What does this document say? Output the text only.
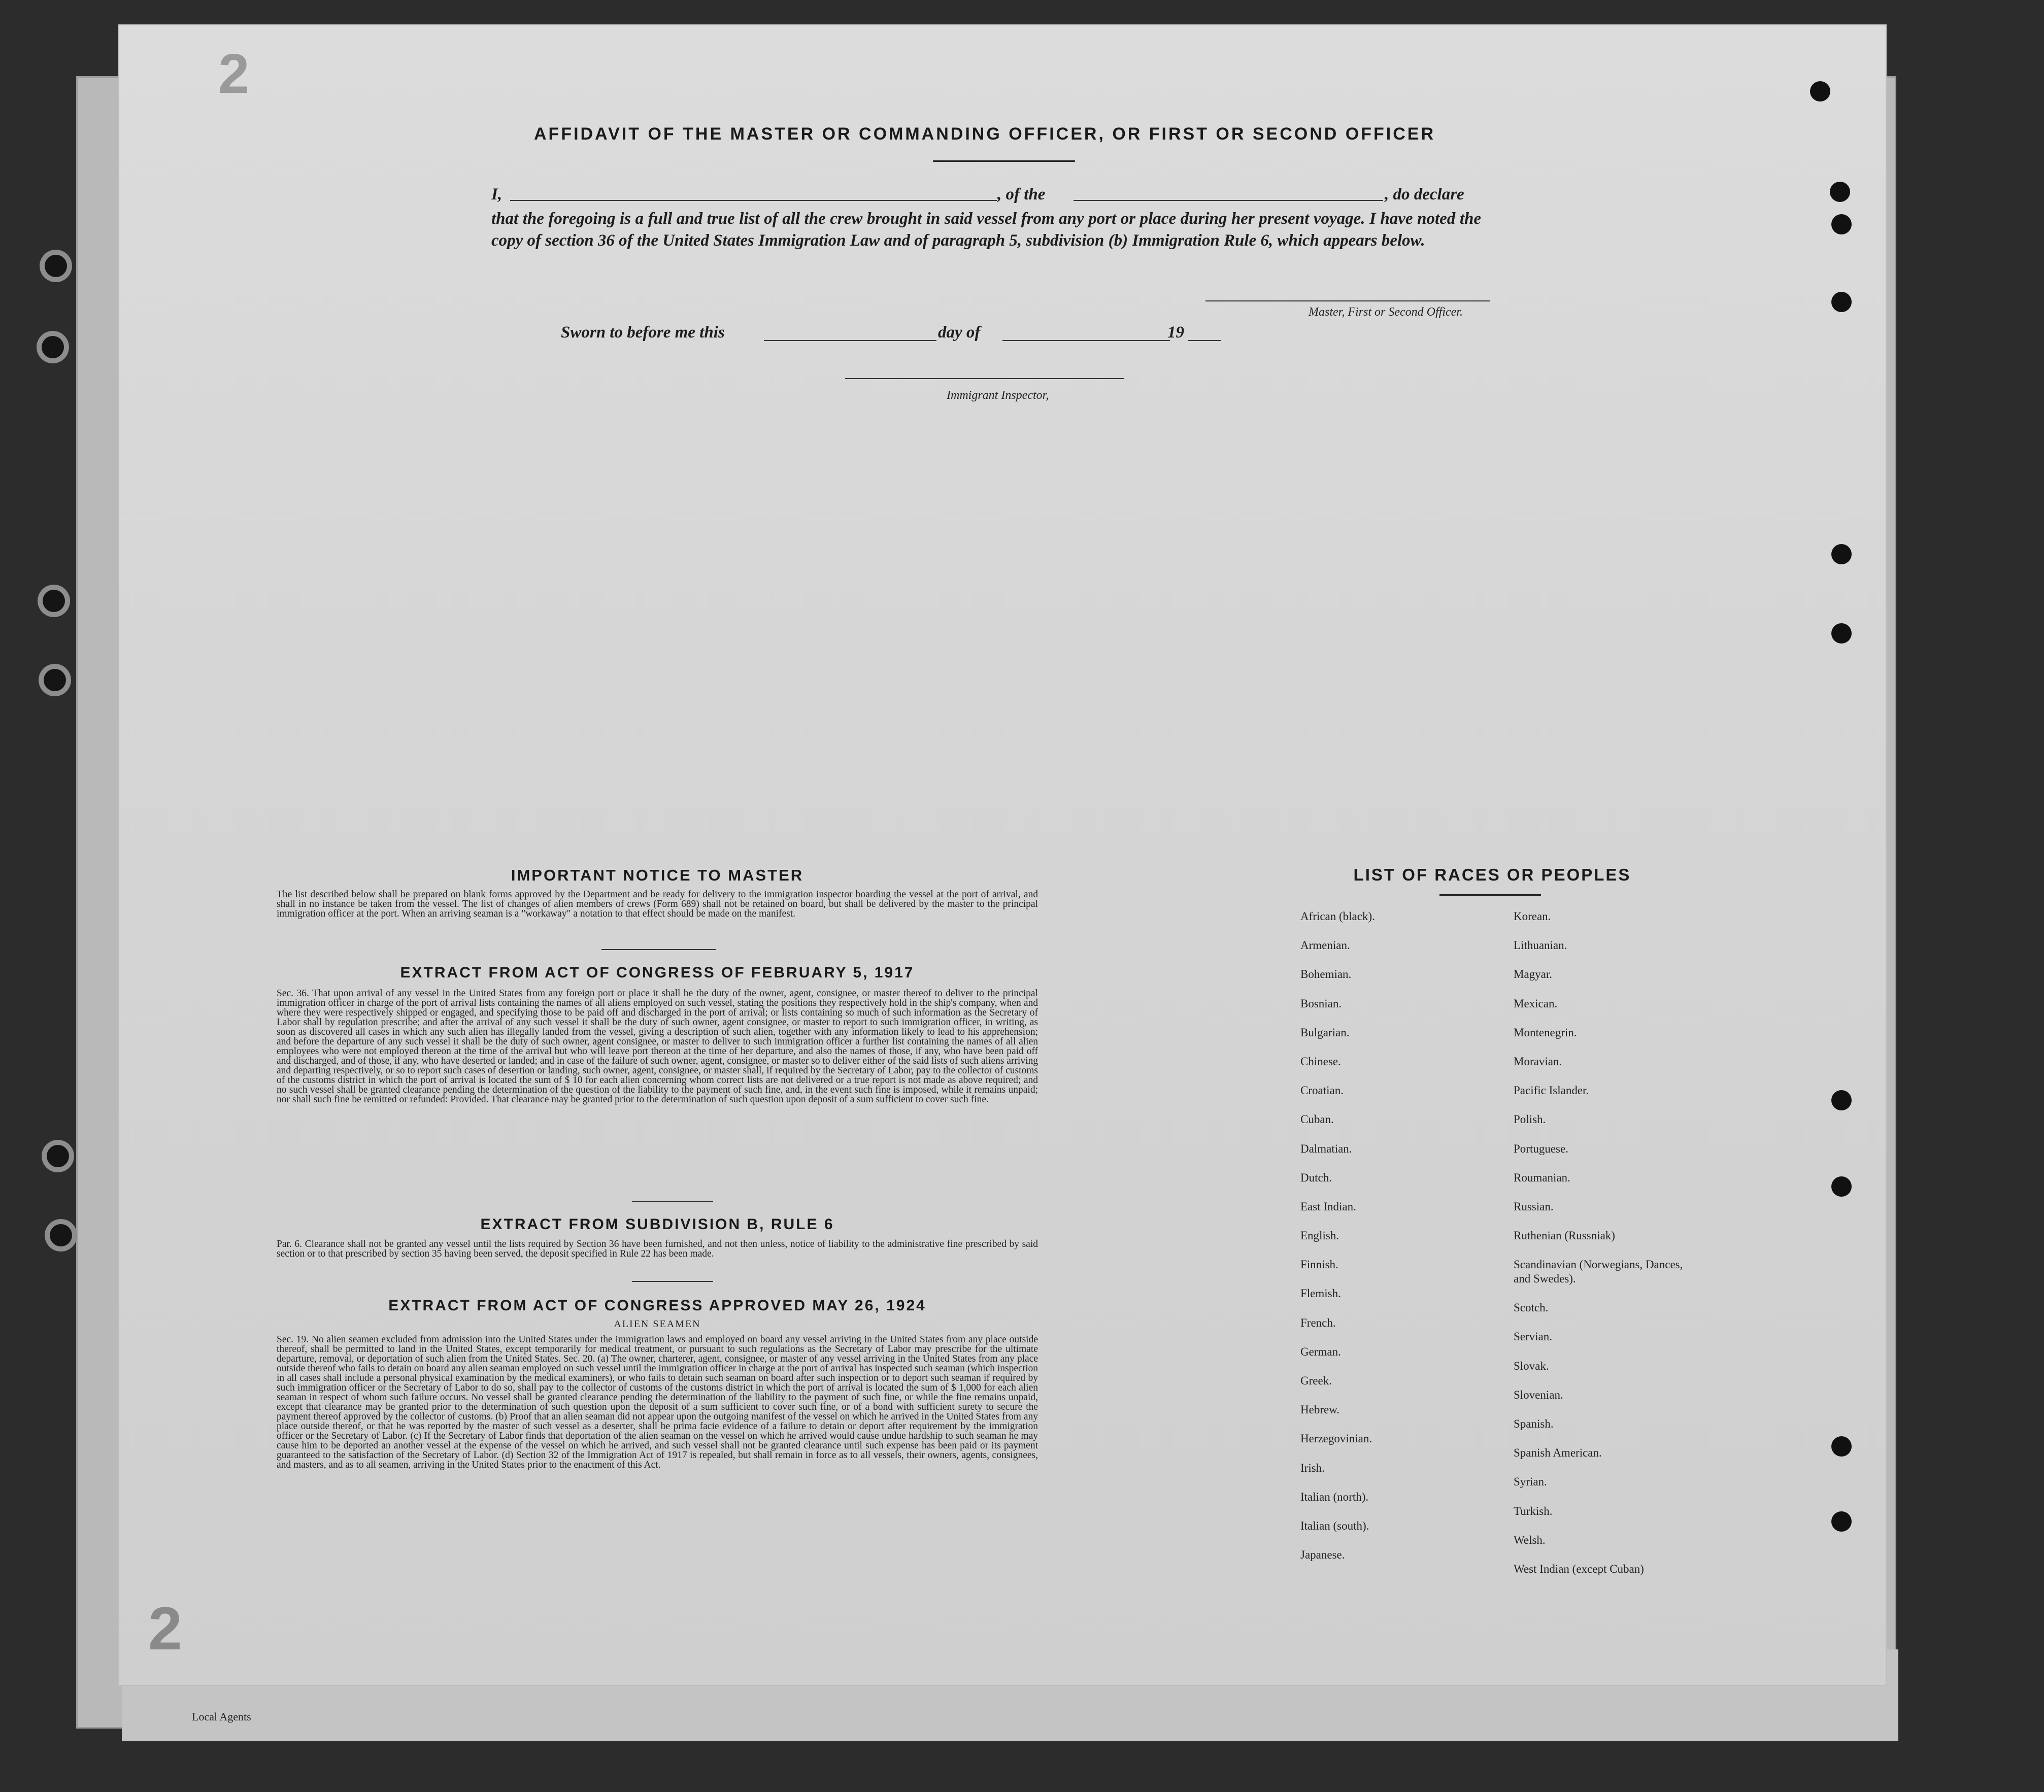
AFFIDAVIT OF THE MASTER OR COMMANDING OFFICER, OR FIRST OR SECOND OFFICER
I,	, of the	, do declare
that the foregoing is a full and true list of all the crew brought in said vessel from any port or place during her present voyage. I have noted the copy of section 36 of the United States Immigration Law and of paragraph 5, subdivision (b) Immigration Rule 6, which appears below.
Master, First or Second Officer.
Sworn to before me this	day of	19
Immigrant Inspector,
IMPORTANT NOTICE TO MASTER
The list described below shall be prepared on blank forms approved by the Department and be ready for delivery to the immigration inspector boarding the vessel at the port of arrival, and shall in no instance be taken from the vessel. The list of changes of alien members of crews (Form 689) shall not be retained on board, but shall be delivered by the master to the principal immigration officer at the port. When an arriving seaman is a "workaway" a notation to that effect should be made on the manifest.
EXTRACT FROM ACT OF CONGRESS OF FEBRUARY 5, 1917
Sec. 36. That upon arrival of any vessel in the United States from any foreign port or place it shall be the duty of the owner, agent, consignee, or master thereof to deliver to the principal immigration officer in charge of the port of arrival lists containing the names of all aliens employed on such vessel, stating the positions they respectively hold in the ship's company, when and where they were respectively shipped or engaged, and specifying those to be paid off and discharged in the port of arrival; or lists containing so much of such information as the Secretary of Labor shall by regulation prescribe; and after the arrival of any such vessel it shall be the duty of such owner, agent consignee, or master to report to such immigration officer, in writing, as soon as discovered all cases in which any such alien has illegally landed from the vessel, giving a description of such alien, together with any information likely to lead to his apprehension; and before the departure of any such vessel it shall be the duty of such owner, agent consignee, or master to deliver to such immigration officer a further list containing the names of all alien employees who were not employed thereon at the time of the arrival but who will leave port thereon at the time of her departure, and also the names of those, if any, who have been paid off and discharged, and of those, if any, who have deserted or landed; and in case of the failure of such owner, agent, consignee, or master so to deliver either of the said lists of such aliens arriving and departing respectively, or so to report such cases of desertion or landing, such owner, agent, consignee, or master shall, if required by the Secretary of Labor, pay to the collector of customs of the customs district in which the port of arrival is located the sum of $ 10 for each alien concerning whom correct lists are not delivered or a true report is not made as above required; and no such vessel shall be granted clearance pending the determination of the question of the liability to the payment of such fine, and, in the event such fine is imposed, while it remains unpaid; nor shall such fine be remitted or refunded: Provided. That clearance may be granted prior to the determination of such question upon deposit of a sum sufficient to cover such fine.
EXTRACT FROM SUBDIVISION B, RULE 6
Par. 6. Clearance shall not be granted any vessel until the lists required by Section 36 have been furnished, and not then unless, notice of liability to the administrative fine prescribed by said section or to that prescribed by section 35 having been served, the deposit specified in Rule 22 has been made.
EXTRACT FROM ACT OF CONGRESS APPROVED MAY 26, 1924
ALIEN SEAMEN
Sec. 19. No alien seamen excluded from admission into the United States under the immigration laws and employed on board any vessel arriving in the United States from any place outside thereof, shall be permitted to land in the United States, except temporarily for medical treatment, or pursuant to such regulations as the Secretary of Labor may prescribe for the ultimate departure, removal, or deportation of such alien from the United States. Sec. 20. (a) The owner, charterer, agent, consignee, or master of any vessel arriving in the United States from any place outside thereof who fails to detain on board any alien seaman employed on such vessel until the immigration officer in charge at the port of arrival has inspected such seaman (which inspection in all cases shall include a personal physical examination by the medical examiners), or who fails to detain such seaman on board after such inspection or to deport such seaman if required by such immigration officer or the Secretary of Labor to do so, shall pay to the collector of customs of the customs district in which the port of arrival is located the sum of $ 1,000 for each alien seaman in respect of whom such failure occurs. No vessel shall be granted clearance pending the determination of the liability to the payment of such fine, or while the fine remains unpaid, except that clearance may be granted prior to the determination of such question upon the deposit of a sum sufficient to cover such fine, or of a bond with sufficient surety to secure the payment thereof approved by the collector of customs. (b) Proof that an alien seaman did not appear upon the outgoing manifest of the vessel on which he arrived in the United States from any place outside thereof, or that he was reported by the master of such vessel as a deserter, shall be prima facie evidence of a failure to detain or deport after requirement by the immigration officer or the Secretary of Labor. (c) If the Secretary of Labor finds that deportation of the alien seaman on the vessel on which he arrived would cause undue hardship to such seaman he may cause him to be deported an another vessel at the expense of the vessel on which he arrived, and such vessel shall not be granted clearance until such expense has been paid or its payment guaranteed to the satisfaction of the Secretary of Labor. (d) Section 32 of the Immigration Act of 1917 is repealed, but shall remain in force as to all vessels, their owners, agents, consignees, and masters, and as to all seamen, arriving in the United States prior to the enactment of this Act.
LIST OF RACES OR PEOPLES
African (black).
Armenian.
Bohemian.
Bosnian.
Bulgarian.
Chinese.
Croatian.
Cuban.
Dalmatian.
Dutch.
East Indian.
English.
Finnish.
Flemish.
French.
German.
Greek.
Hebrew.
Herzegovinian.
Irish.
Italian (north).
Italian (south).
Japanese.
Korean.
Lithuanian.
Magyar.
Mexican.
Montenegrin.
Moravian.
Pacific Islander.
Polish.
Portuguese.
Roumanian.
Russian.
Ruthenian (Russniak)
Scandinavian (Norwegians, Dances, and Swedes).
Scotch.
Servian.
Slovak.
Slovenian.
Spanish.
Spanish American.
Syrian.
Turkish.
Welsh.
West Indian (except Cuban)
2
2
Local Agents
